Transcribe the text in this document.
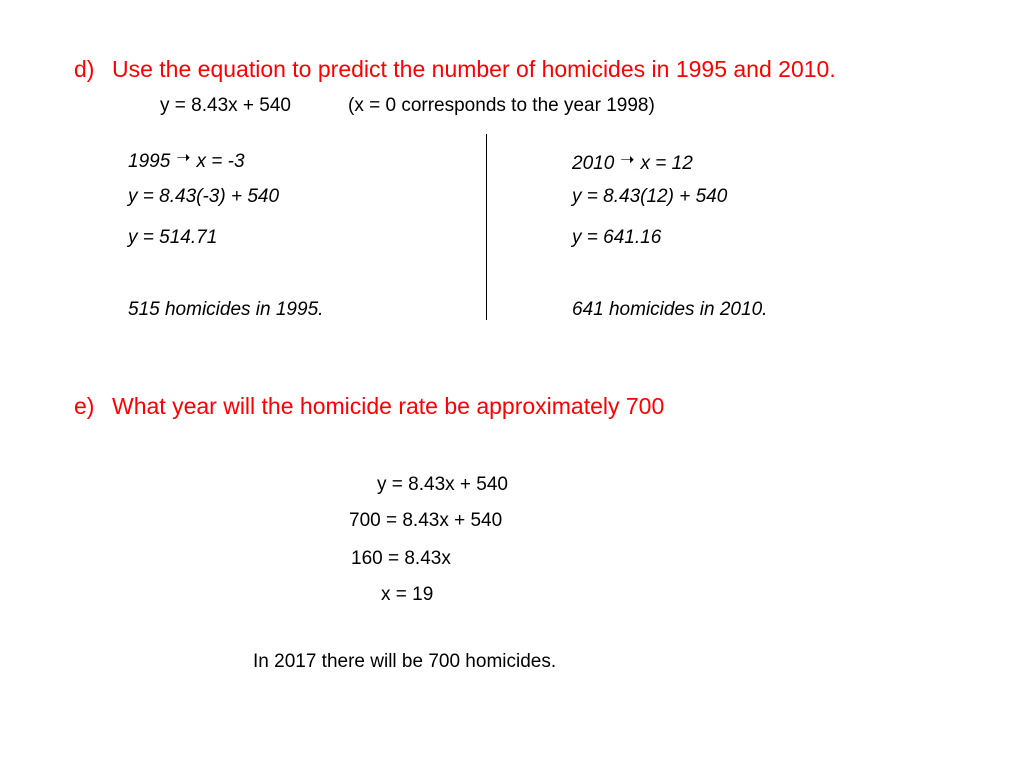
d) Use the equation to predict the number of homicides in 1995 and 2010.
y = 8.43x + 540	(x = 0 corresponds to the year 1998)
1995 ➝ x = -3
y = 8.43(-3) + 540
y = 514.71
515 homicides in 1995.
2010 ➝ x = 12
y = 8.43(12) + 540
y = 641.16
641 homicides in 2010.
e) What year will the homicide rate be approximately 700
y = 8.43x + 540
700 = 8.43x + 540
160 = 8.43x
x = 19
In 2017 there will be 700 homicides.
